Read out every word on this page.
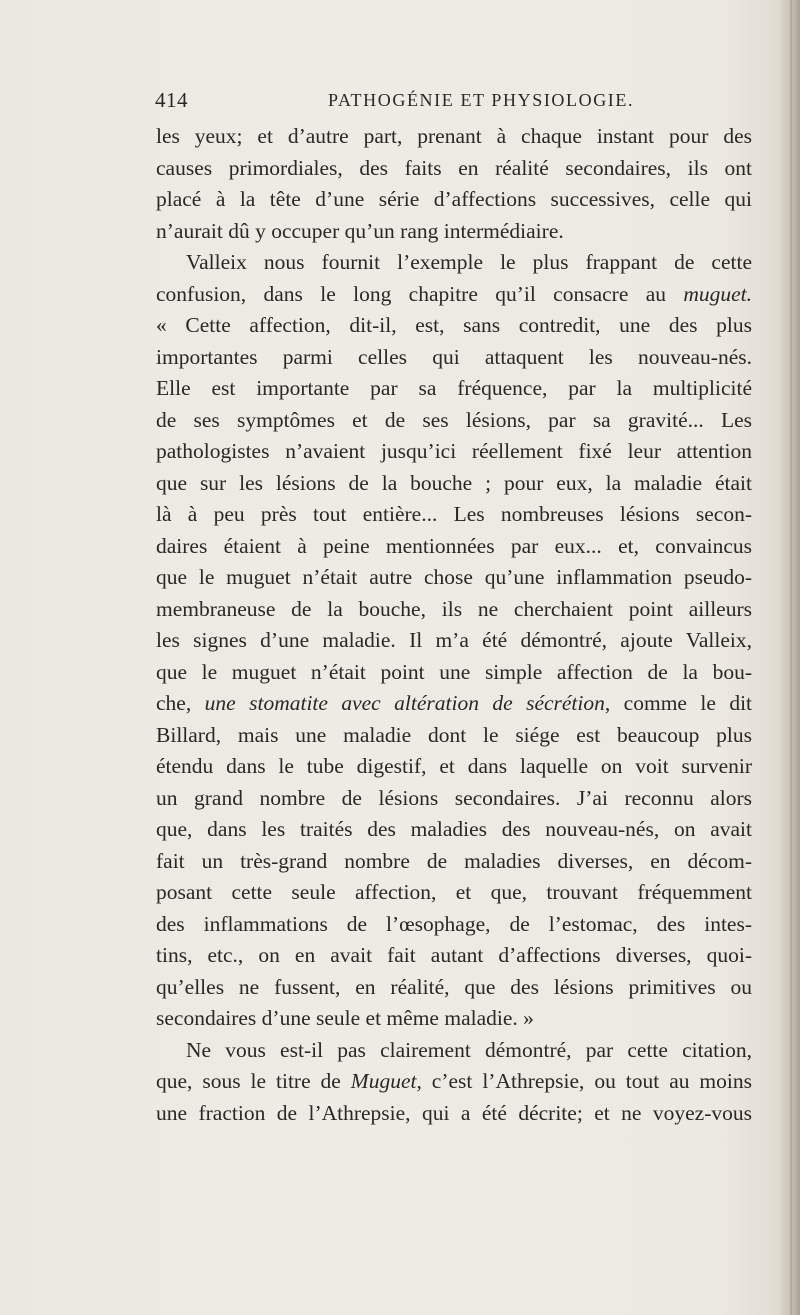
414	PATHOGÉNIE ET PHYSIOLOGIE.
les yeux; et d’autre part, prenant à chaque instant pour des
causes primordiales, des faits en réalité secondaires, ils ont
placé à la tête d’une série d’affections successives, celle qui
n’aurait dû y occuper qu’un rang intermédiaire.
Valleix nous fournit l’exemple le plus frappant de cette
confusion, dans le long chapitre qu’il consacre au muguet.
« Cette affection, dit-il, est, sans contredit, une des plus
importantes parmi celles qui attaquent les nouveau-nés.
Elle est importante par sa fréquence, par la multiplicité
de ses symptômes et de ses lésions, par sa gravité... Les
pathologistes n’avaient jusqu’ici réellement fixé leur attention
que sur les lésions de la bouche ; pour eux, la maladie était
là à peu près tout entière... Les nombreuses lésions secon-
daires étaient à peine mentionnées par eux... et, convaincus
que le muguet n’était autre chose qu’une inflammation pseudo-
membraneuse de la bouche, ils ne cherchaient point ailleurs
les signes d’une maladie. Il m’a été démontré, ajoute Valleix,
que le muguet n’était point une simple affection de la bou-
che, une stomatite avec altération de sécrétion, comme le dit
Billard, mais une maladie dont le siége est beaucoup plus
étendu dans le tube digestif, et dans laquelle on voit survenir
un grand nombre de lésions secondaires. J’ai reconnu alors
que, dans les traités des maladies des nouveau-nés, on avait
fait un très-grand nombre de maladies diverses, en décom-
posant cette seule affection, et que, trouvant fréquemment
des inflammations de l’œsophage, de l’estomac, des intes-
tins, etc., on en avait fait autant d’affections diverses, quoi-
qu’elles ne fussent, en réalité, que des lésions primitives ou
secondaires d’une seule et même maladie. »
Ne vous est-il pas clairement démontré, par cette citation,
que, sous le titre de Muguet, c’est l’Athrepsie, ou tout au moins
une fraction de l’Athrepsie, qui a été décrite; et ne voyez-vous
